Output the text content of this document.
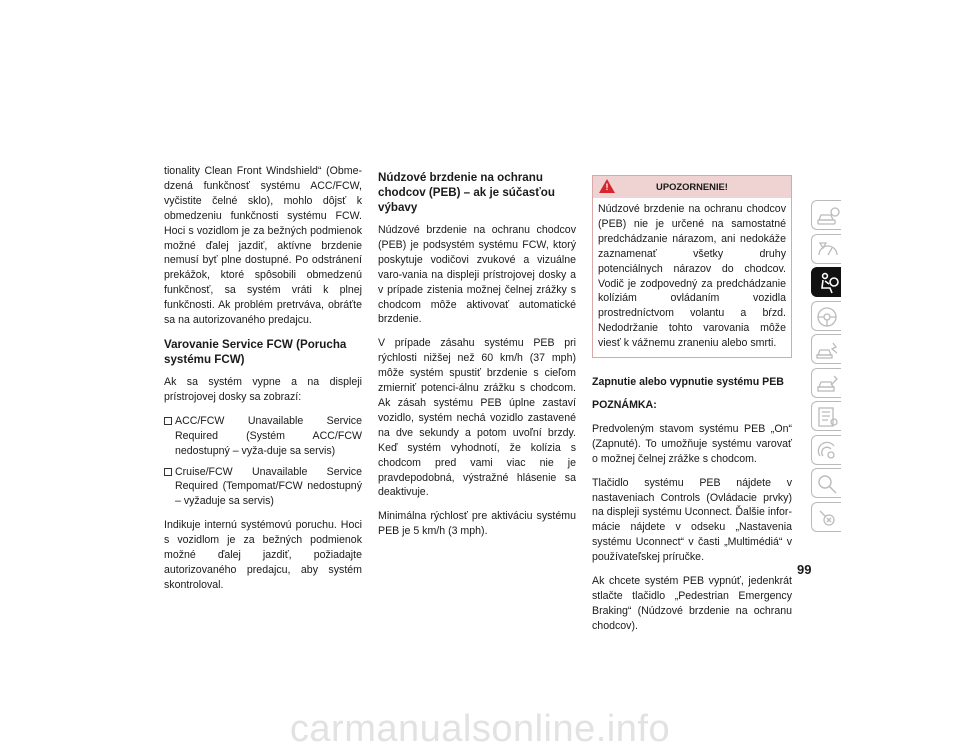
tionality Clean Front Windshield“ (Obme-dzená funkčnosť systému ACC/FCW, vyčistite čelné sklo), mohlo dôjsť k obmedzeniu funkčnosti systému FCW. Hoci s vozidlom je za bežných podmienok možné ďalej jazdiť, aktívne brzdenie nemusí byť plne dostupné. Po odstránení prekážok, ktoré spôsobili obmedzenú funkčnosť, sa systém vráti k plnej funkčnosti. Ak problém pretrváva, obráťte sa na autorizovaného predajcu.

Varovanie Service FCW (Porucha systému FCW)

Ak sa systém vypne a na displeji prístrojovej dosky sa zobrazí:

ACC/FCW Unavailable Service Required (Systém ACC/FCW nedostupný – vyža-duje sa servis)
Cruise/FCW Unavailable Service Required (Tempomat/FCW nedostupný – vyžaduje sa servis)

Indikuje internú systémovú poruchu. Hoci s vozidlom je za bežných podmienok možné ďalej jazdiť, požiadajte autorizovaného predajcu, aby systém skontroloval.

Núdzové brzdenie na ochranu chodcov (PEB) – ak je súčasťou výbavy

Núdzové brzdenie na ochranu chodcov (PEB) je podsystém systému FCW, ktorý poskytuje vodičovi zvukové a vizuálne varo-vania na displeji prístrojovej dosky a v prípade zistenia možnej čelnej zrážky s chodcom môže aktivovať automatické brzdenie.

V prípade zásahu systému PEB pri rýchlosti nižšej než 60 km/h (37 mph) môže systém spustiť brzdenie s cieľom zmierniť potenci-álnu zrážku s chodcom. Ak zásah systému PEB úplne zastaví vozidlo, systém nechá vozidlo zastavené na dve sekundy a potom uvoľní brzdy. Keď systém vyhodnotí, že kolízia s chodcom pred vami viac nie je pravdepodobná, výstražné hlásenie sa deaktivuje.

Minimálna rýchlosť pre aktiváciu systému PEB je 5 km/h (3 mph).

!	UPOZORNENIE!
Núdzové brzdenie na ochranu chodcov (PEB) nie je určené na samostatné predchádzanie nárazom, ani nedokáže zaznamenať všetky druhy potenciálnych nárazov do chodcov. Vodič je zodpovedný za predchádzanie kolíziám ovládaním vozidla prostredníctvom volantu a bŕzd. Nedodržanie tohto varovania môže viesť k vážnemu zraneniu alebo smrti.
Zapnutie alebo vypnutie systému PEB

POZNÁMKA:

Predvoleným stavom systému PEB „On“ (Zapnuté). To umožňuje systému varovať o možnej čelnej zrážke s chodcom.

Tlačidlo systému PEB nájdete v nastaveniach Controls (Ovládacie prvky) na displeji systému Uconnect. Ďalšie infor-mácie nájdete v odseku „Nastavenia systému Uconnect“ v časti „Multimédiá“ v používateľskej príručke.

Ak chcete systém PEB vypnúť, jedenkrát stlačte tlačidlo „Pedestrian Emergency Braking“ (Núdzové brzdenie na ochranu chodcov).

99
carmanualsonline.info
